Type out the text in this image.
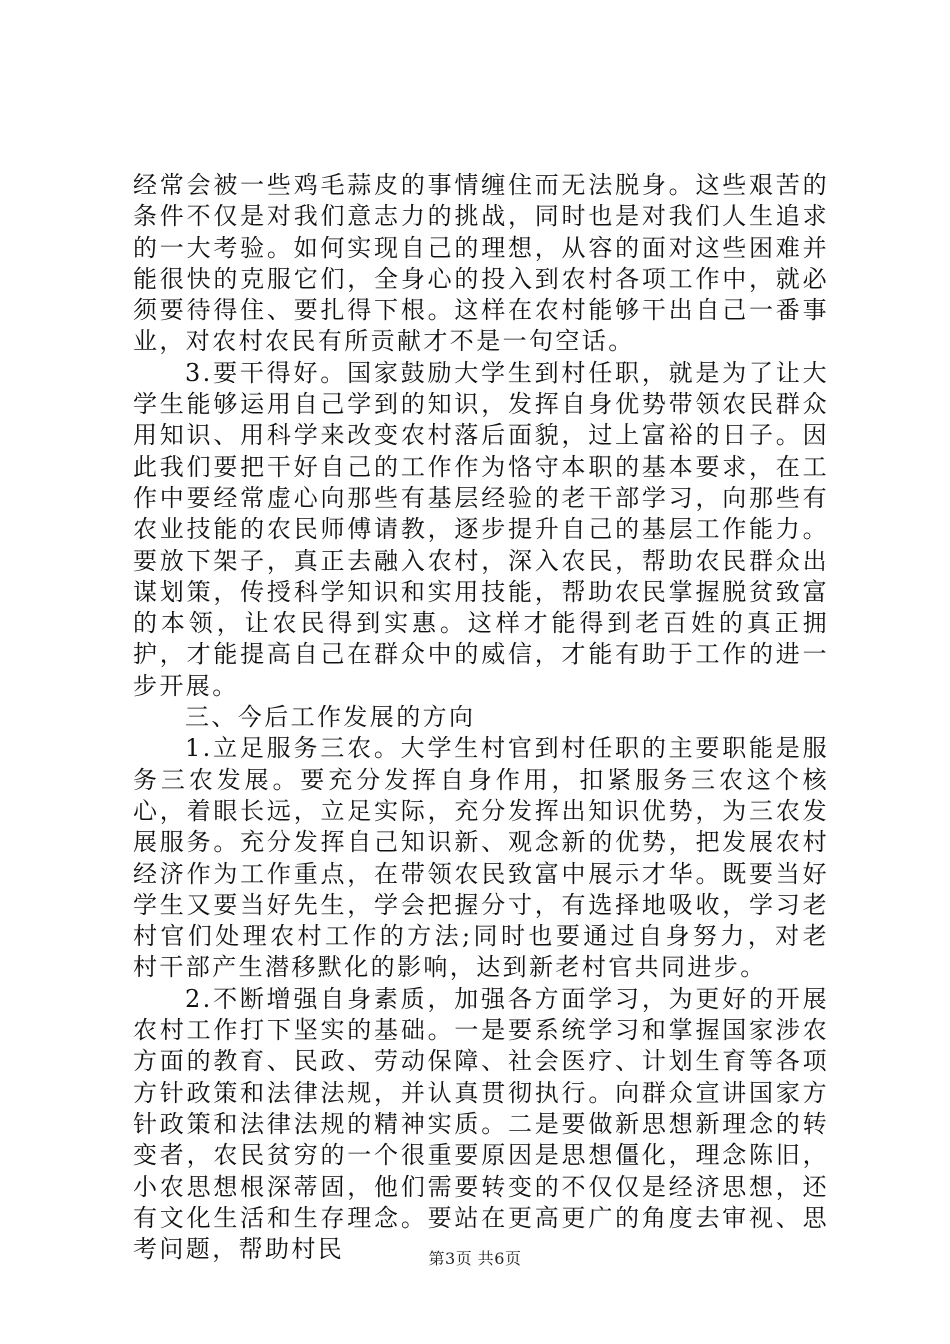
经常会被一些鸡毛蒜皮的事情缠住而无法脱身。这些艰苦的条件不仅是对我们意志力的挑战，同时也是对我们人生追求的一大考验。如何实现自己的理想，从容的面对这些困难并能很快的克服它们，全身心的投入到农村各项工作中，就必须要待得住、要扎得下根。这样在农村能够干出自己一番事业，对农村农民有所贡献才不是一句空话。

3.要干得好。国家鼓励大学生到村任职，就是为了让大学生能够运用自己学到的知识，发挥自身优势带领农民群众用知识、用科学来改变农村落后面貌，过上富裕的日子。因此我们要把干好自己的工作作为恪守本职的基本要求，在工作中要经常虚心向那些有基层经验的老干部学习，向那些有农业技能的农民师傅请教，逐步提升自己的基层工作能力。要放下架子，真正去融入农村，深入农民，帮助农民群众出谋划策，传授科学知识和实用技能，帮助农民掌握脱贫致富的本领，让农民得到实惠。这样才能得到老百姓的真正拥护，才能提高自己在群众中的威信，才能有助于工作的进一步开展。

三、今后工作发展的方向

1.立足服务三农。大学生村官到村任职的主要职能是服务三农发展。要充分发挥自身作用，扣紧服务三农这个核心，着眼长远，立足实际，充分发挥出知识优势，为三农发展服务。充分发挥自己知识新、观念新的优势，把发展农村经济作为工作重点，在带领农民致富中展示才华。既要当好学生又要当好先生，学会把握分寸，有选择地吸收，学习老村官们处理农村工作的方法;同时也要通过自身努力，对老村干部产生潜移默化的影响，达到新老村官共同进步。

2.不断增强自身素质，加强各方面学习，为更好的开展农村工作打下坚实的基础。一是要系统学习和掌握国家涉农方面的教育、民政、劳动保障、社会医疗、计划生育等各项方针政策和法律法规，并认真贯彻执行。向群众宣讲国家方针政策和法律法规的精神实质。二是要做新思想新理念的转变者，农民贫穷的一个很重要原因是思想僵化，理念陈旧，小农思想根深蒂固，他们需要转变的不仅仅是经济思想，还有文化生活和生存理念。要站在更高更广的角度去审视、思考问题，帮助村民	第3页 共6页
